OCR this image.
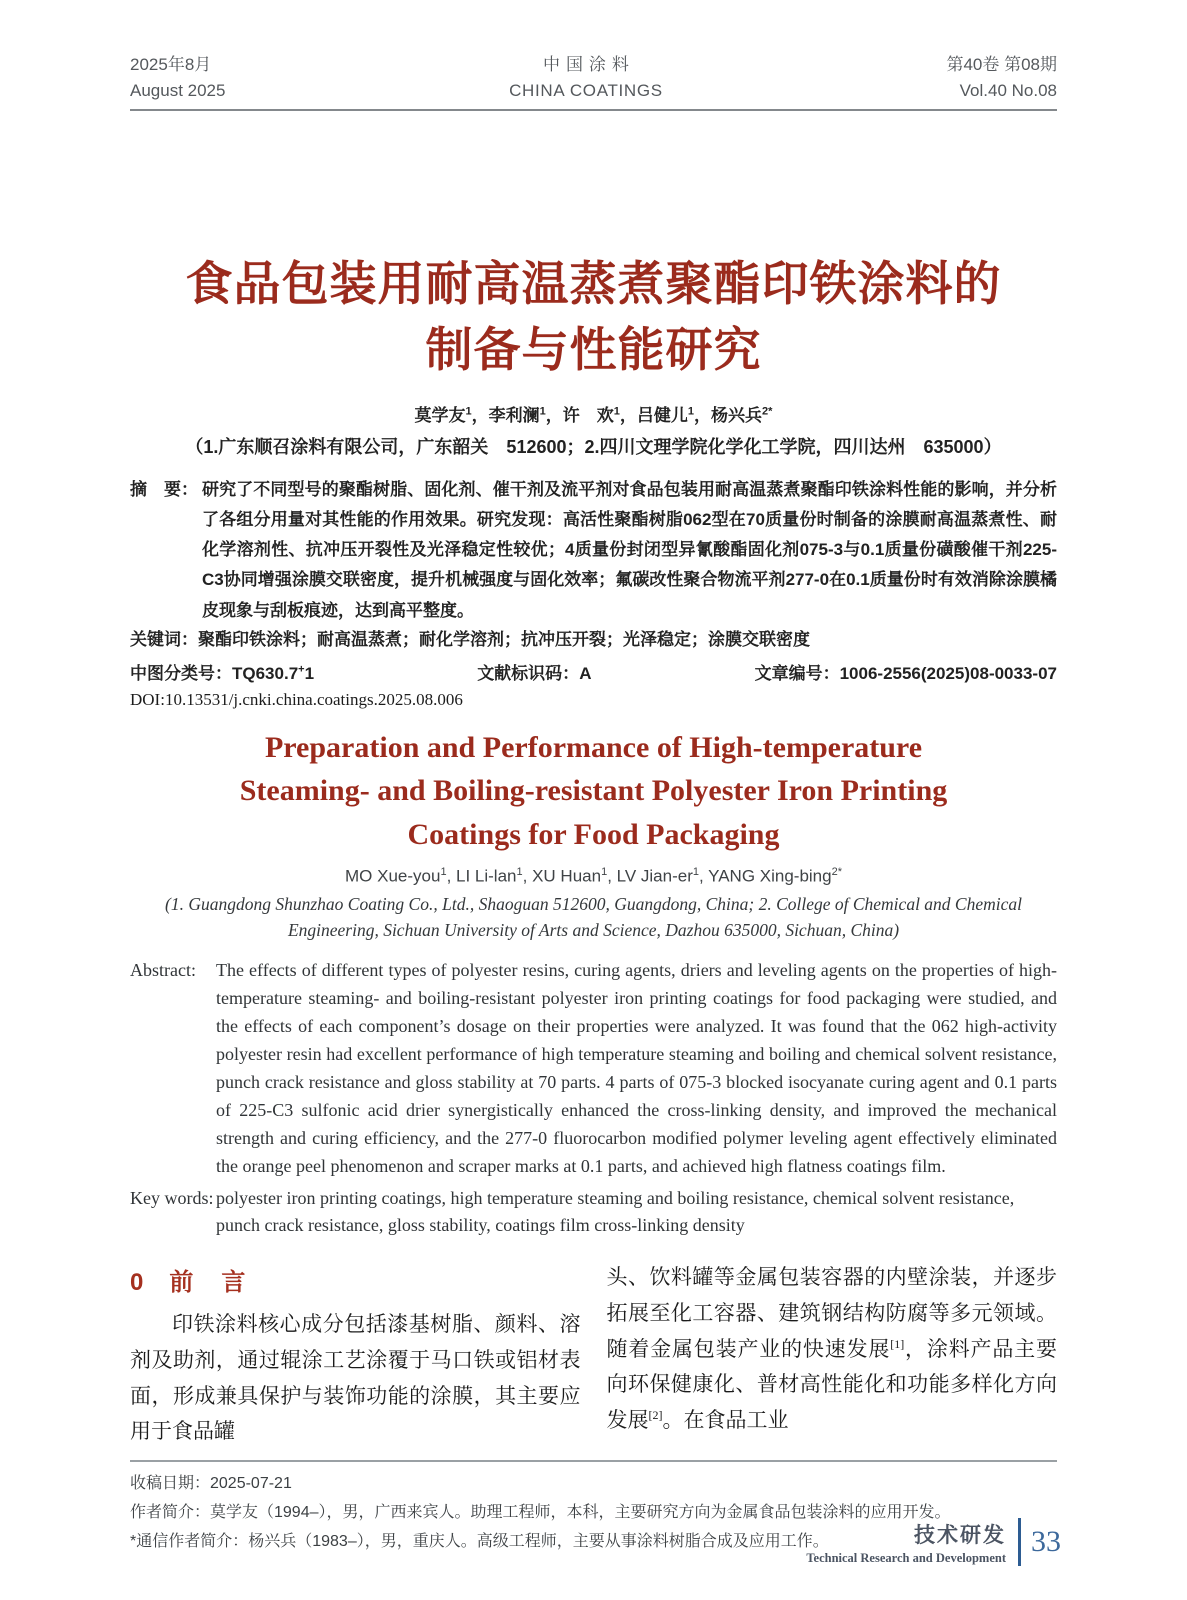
2025年8月
August 2025
中国涂料
CHINA COATINGS
第40卷 第08期
Vol.40 No.08
食品包装用耐高温蒸煮聚酯印铁涂料的
制备与性能研究
莫学友$^1$，李利澜$^1$，许　欢$^1$，吕健儿$^1$，杨兴兵$^{2*}$
（1.广东顺召涂料有限公司，广东韶关　512600；2.四川文理学院化学化工学院，四川达州　635000）
摘　要： 研究了不同型号的聚酯树脂、固化剂、催干剂及流平剂对食品包装用耐高温蒸煮聚酯印铁涂料性能的影响，并分析了各组分用量对其性能的作用效果。研究发现：高活性聚酯树脂062型在70质量份时制备的涂膜耐高温蒸煮性、耐化学溶剂性、抗冲压开裂性及光泽稳定性较优；4质量份封闭型异氰酸酯固化剂075-3与0.1质量份磺酸催干剂225-C3协同增强涂膜交联密度，提升机械强度与固化效率；氟碳改性聚合物流平剂277-0在0.1质量份时有效消除涂膜橘皮现象与刮板痕迹，达到高平整度。
关键词：聚酯印铁涂料；耐高温蒸煮；耐化学溶剂；抗冲压开裂；光泽稳定；涂膜交联密度
中图分类号：TQ630.7+1	文献标识码：A	文章编号：1006-2556(2025)08-0033-07
DOI:10.13531/j.cnki.china.coatings.2025.08.006
Preparation and Performance of High-temperature
Steaming- and Boiling-resistant Polyester Iron Printing
Coatings for Food Packaging
MO Xue-you$^1$, LI Li-lan$^1$, XU Huan$^1$, LV Jian-$er^1$, YANG Xing-bing$^{2*}$
(1. Guangdong Shunzhao Coating Co., Ltd., Shaoguan 512600, Guangdong, China; 2. College of Chemical and Chemical Engineering, Sichuan University of Arts and Science, Dazhou 635000, Sichuan, China)
Abstract:	The effects of different types of polyester resins, curing agents, driers and leveling agents on the properties of high-temperature steaming- and boiling-resistant polyester iron printing coatings for food packaging were studied, and the effects of each component’s dosage on their properties were analyzed. It was found that the 062 high-activity polyester resin had excellent performance of high temperature steaming and boiling and chemical solvent resistance, punch crack resistance and gloss stability at 70 parts. 4 parts of 075-3 blocked isocyanate curing agent and 0.1 parts of 225-C3 sulfonic acid drier synergistically enhanced the cross-linking density, and improved the mechanical strength and curing efficiency, and the 277-0 fluorocarbon modified polymer leveling agent effectively eliminated the orange peel phenomenon and scraper marks at 0.1 parts, and achieved high flatness coatings film.
Key words: polyester iron printing coatings, high temperature steaming and boiling resistance, chemical solvent resistance, punch crack resistance, gloss stability, coatings film cross-linking density
0 前　言

印铁涂料核心成分包括漆基树脂、颜料、溶剂及助剂，通过辊涂工艺涂覆于马口铁或铝材表面，形成兼具保护与装饰功能的涂膜，其主要应用于食品罐

头、饮料罐等金属包装容器的内壁涂装，并逐步拓展至化工容器、建筑钢结构防腐等多元领域。随着金属包装产业的快速发展[1]，涂料产品主要向环保健康化、普材高性能化和功能多样化方向发展[2]。在食品工业

收稿日期：2025-07-21
作者简介：莫学友（1994–），男，广西来宾人。助理工程师，本科，主要研究方向为金属食品包装涂料的应用开发。
*通信作者简介：杨兴兵（1983–），男，重庆人。高级工程师，主要从事涂料树脂合成及应用工作。	技术研发
Technical Research and Development 33
